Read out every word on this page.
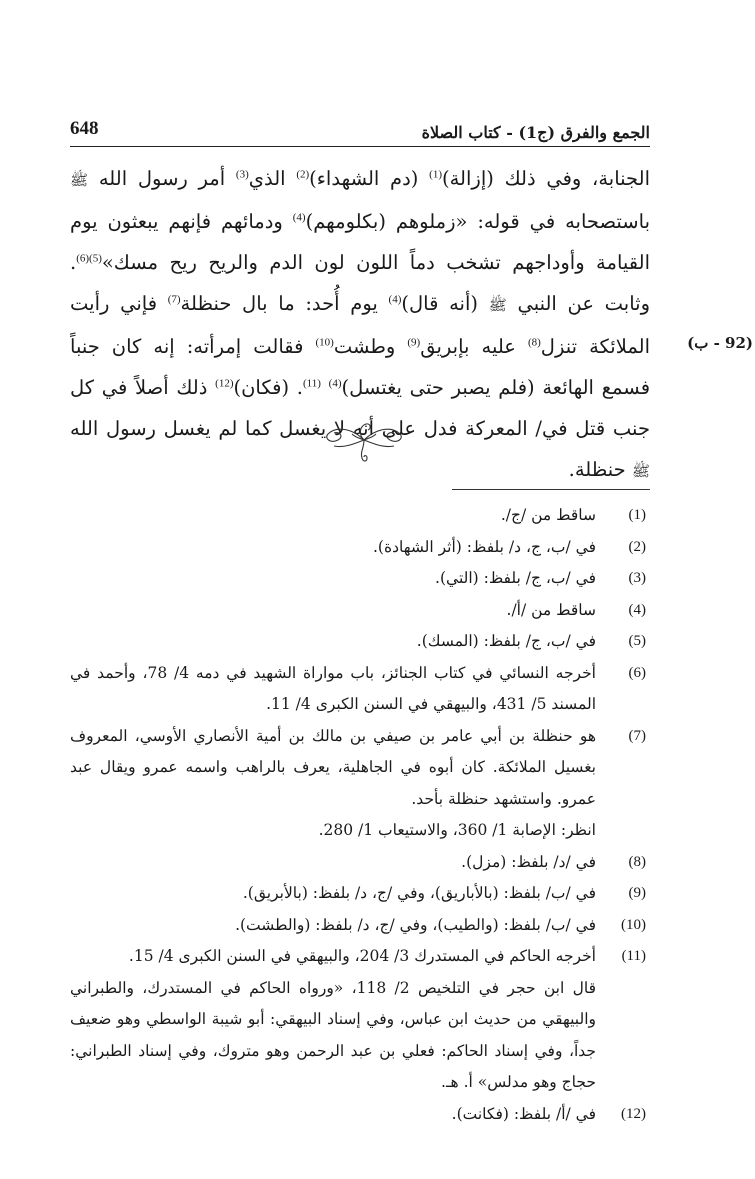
648	الجمع والفرق (ج1) - كتاب الصلاة

الجنابة، وفي ذلك (إزالة)$^{(1)}$ (دم الشهداء)$^{(2)}$ الذي$^{(3)}$ أمر رسول الله ﷺ باستصحابه في قوله: «زملوهم (بكلومهم)$^{(4)}$ ودمائهم فإنهم يبعثون يوم القيامة وأوداجهم تشخب دماً اللون لون الدم والريح ريح مسك»$^{(5)(6)}$. وثابت عن النبي ﷺ (أنه قال)$^{(4)}$ يوم أُحد: ما بال حنظلة$^{(7)}$ فإني رأيت الملائكة تنزل$^{(8)}$ عليه بإبريق$^{(9)}$ وطشت$^{(10)}$ فقالت إمرأته: إنه كان جنباً فسمع الهائعة (فلم يصبر حتى يغتسل)$^{(4)}$ $^{(11)}$. (فكان)$^{(12)}$ ذلك أصلاً في كل جنب قتل في/ المعركة فدل على أنه لا يغسل كما لم يغسل رسول الله ﷺ حنظلة.

(92 - ب)
(1)
ساقط من /ج/.
(2)
في /ب، ج، د/ بلفظ: (أثر الشهادة).
(3)
في /ب، ج/ بلفظ: (التي).
(4)
ساقط من /أ/.
(5)
في /ب، ج/ بلفظ: (المسك).
(6)
أخرجه النسائي في كتاب الجنائز، باب مواراة الشهيد في دمه 4/ 78، وأحمد في المسند 5/ 431، والبيهقي في السنن الكبرى 4/ 11.
(7)
هو حنظلة بن أبي عامر بن صيفي بن مالك بن أمية الأنصاري الأوسي، المعروف بغسيل الملائكة. كان أبوه في الجاهلية، يعرف بالراهب واسمه عمرو ويقال عبد عمرو. واستشهد حنظلة بأحد.
انظر: الإصابة 1/ 360، والاستيعاب 1/ 280.
(8)
في /د/ بلفظ: (مزل).
(9)
في /ب/ بلفظ: (بالأباريق)، وفي /ج، د/ بلفظ: (بالأبريق).
(10)
في /ب/ بلفظ: (والطيب)، وفي /ج، د/ بلفظ: (والطشت).
(11)
أخرجه الحاكم في المستدرك 3/ 204، والبيهقي في السنن الكبرى 4/ 15.
قال ابن حجر في التلخيص 2/ 118، «ورواه الحاكم في المستدرك، والطبراني والبيهقي من حديث ابن عباس، وفي إسناد البيهقي: أبو شيبة الواسطي وهو ضعيف جداً، وفي إسناد الحاكم: فعلي بن عبد الرحمن وهو متروك، وفي إسناد الطبراني: حجاج وهو مدلس» أ. هـ.
(12)
في /أ/ بلفظ: (فكانت).
